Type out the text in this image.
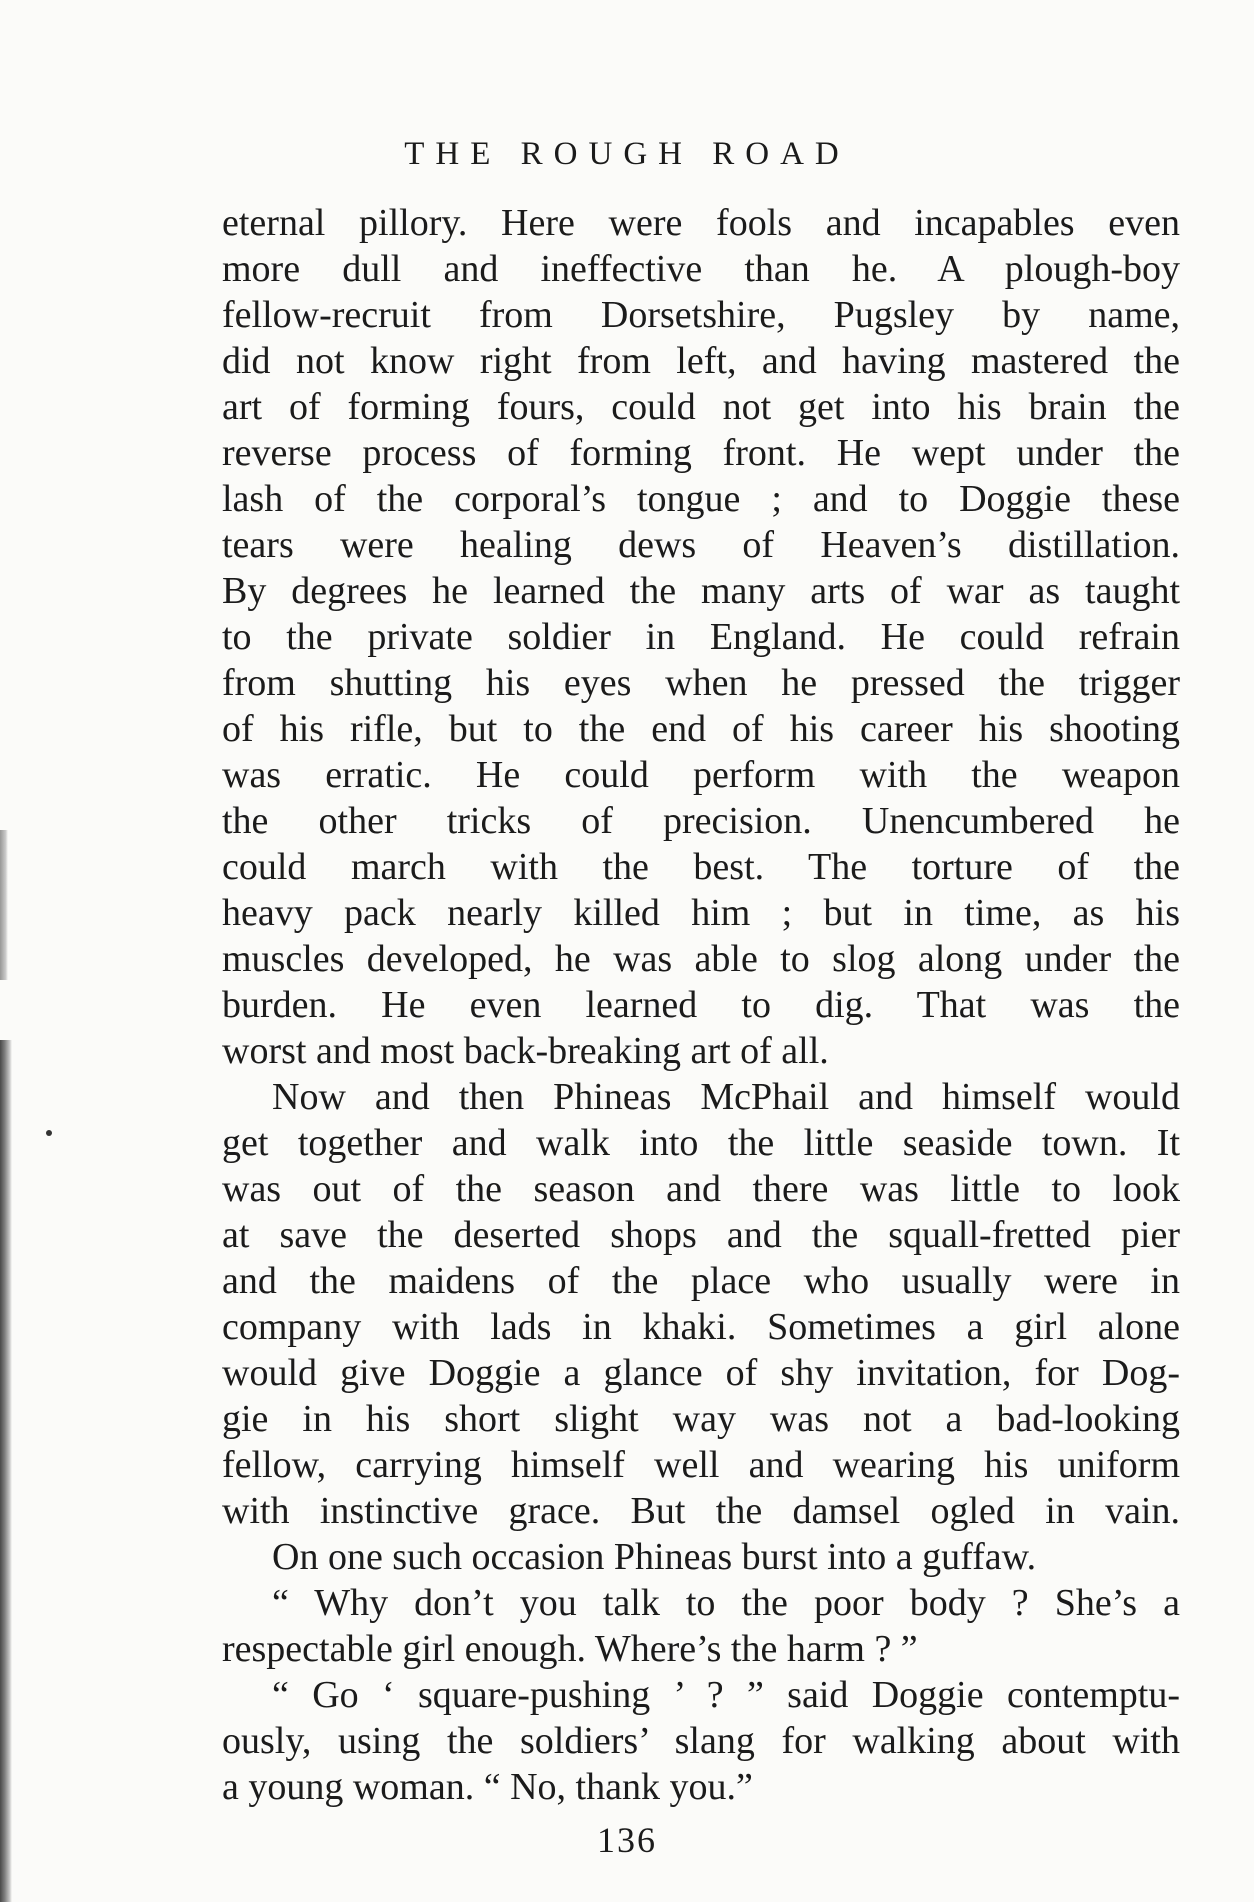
THE ROUGH ROAD
eternal pillory. Here were fools and incapables even
more dull and ineffective than he. A plough-boy
fellow-recruit from Dorsetshire, Pugsley by name,
did not know right from left, and having mastered the
art of forming fours, could not get into his brain the
reverse process of forming front. He wept under the
lash of the corporal’s tongue ; and to Doggie these
tears were healing dews of Heaven’s distillation.
By degrees he learned the many arts of war as taught
to the private soldier in England. He could refrain
from shutting his eyes when he pressed the trigger
of his rifle, but to the end of his career his shooting
was erratic. He could perform with the weapon
the other tricks of precision. Unencumbered he
could march with the best. The torture of the
heavy pack nearly killed him ; but in time, as his
muscles developed, he was able to slog along under the
burden. He even learned to dig. That was the
worst and most back-breaking art of all.
Now and then Phineas McPhail and himself would
get together and walk into the little seaside town. It
was out of the season and there was little to look
at save the deserted shops and the squall-fretted pier
and the maidens of the place who usually were in
company with lads in khaki. Sometimes a girl alone
would give Doggie a glance of shy invitation, for Dog-
gie in his short slight way was not a bad-looking
fellow, carrying himself well and wearing his uniform
with instinctive grace. But the damsel ogled in vain.
On one such occasion Phineas burst into a guffaw.
“ Why don’t you talk to the poor body ? She’s a
respectable girl enough. Where’s the harm ? ”
“ Go ‘ square-pushing ’ ? ” said Doggie contemptu-
ously, using the soldiers’ slang for walking about with
a young woman. “ No, thank you.”
136
